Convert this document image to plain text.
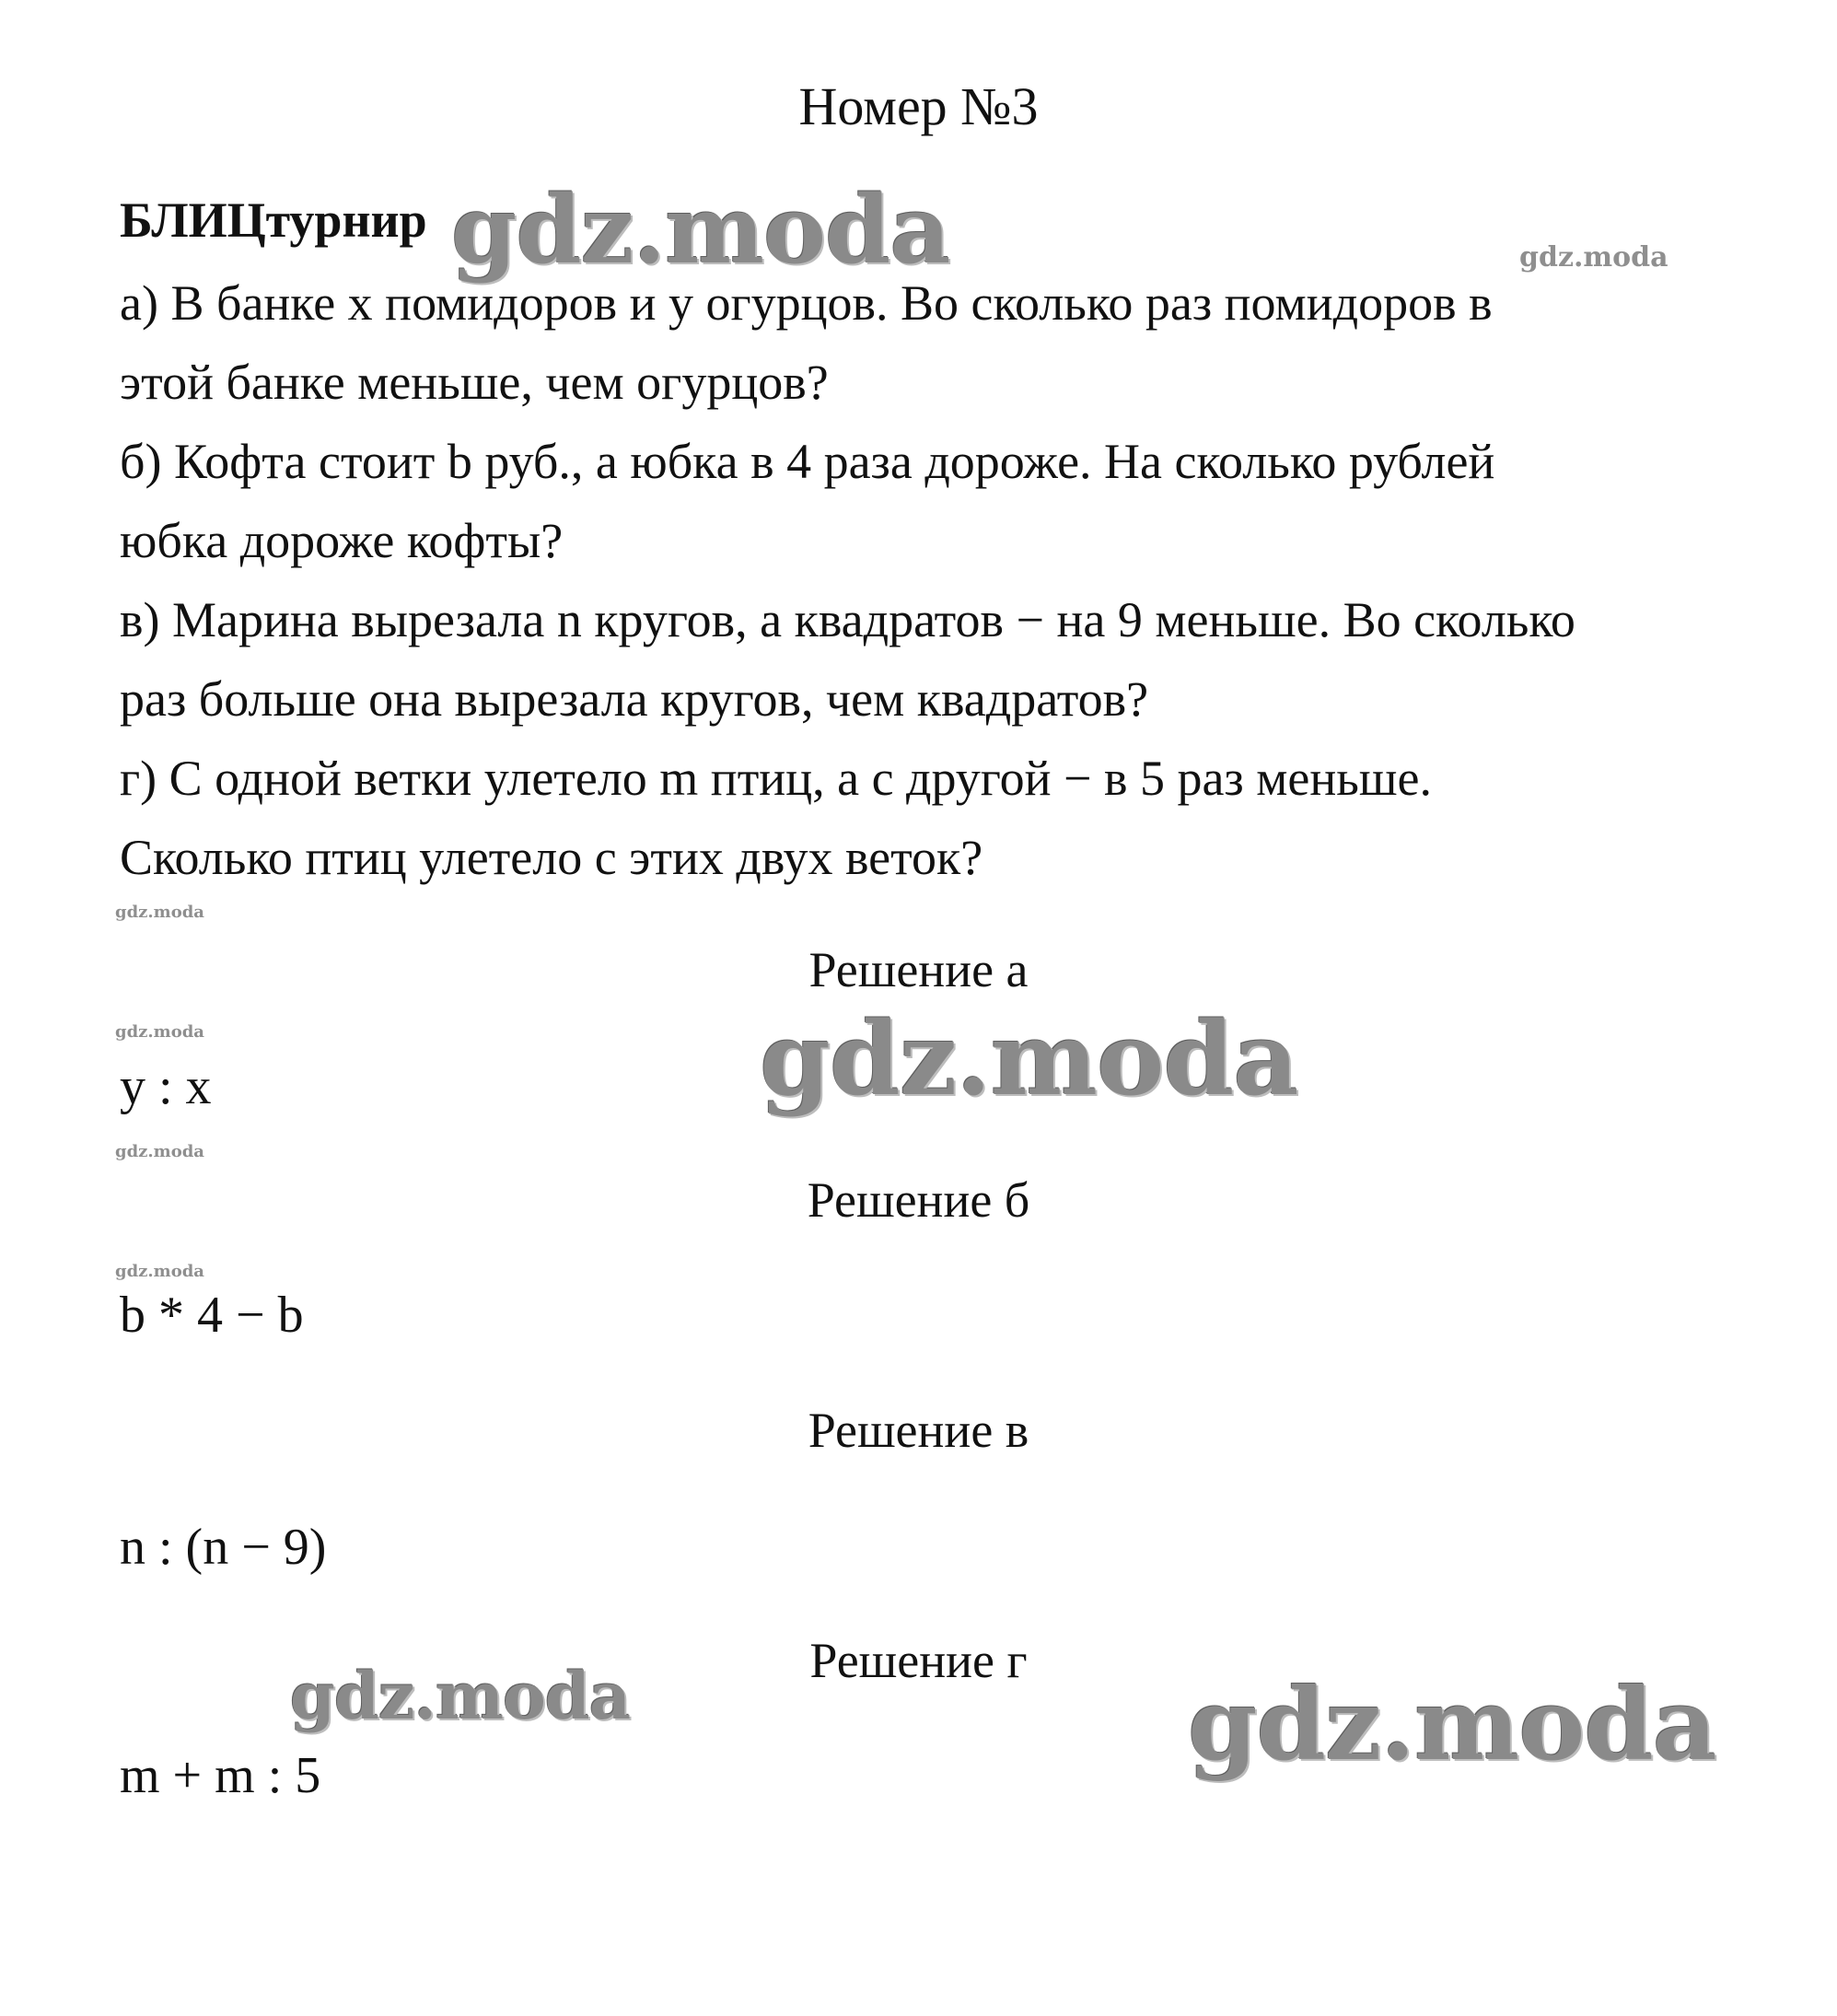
Номер №3
БЛИЦтурнир
а) В банке x помидоров и y огурцов. Во сколько раз помидоров в
этой банке меньше, чем огурцов?
б) Кофта стоит b руб., а юбка в 4 раза дороже. На сколько рублей
юбка дороже кофты?
в) Марина вырезала n кругов, а квадратов − на 9 меньше. Во сколько
раз больше она вырезала кругов, чем квадратов?
г) С одной ветки улетело m птиц, а с другой − в 5 раз меньше.
Сколько птиц улетело с этих двух веток?
Решение а
y : x
Решение б
b * 4 − b
Решение в
n : (n − 9)
Решение г
m + m : 5
gdz.moda	gdz.moda
gdz.moda
gdz.moda
gdz.moda
gdz.moda
gdz.moda
gdz.moda	gdz.moda
